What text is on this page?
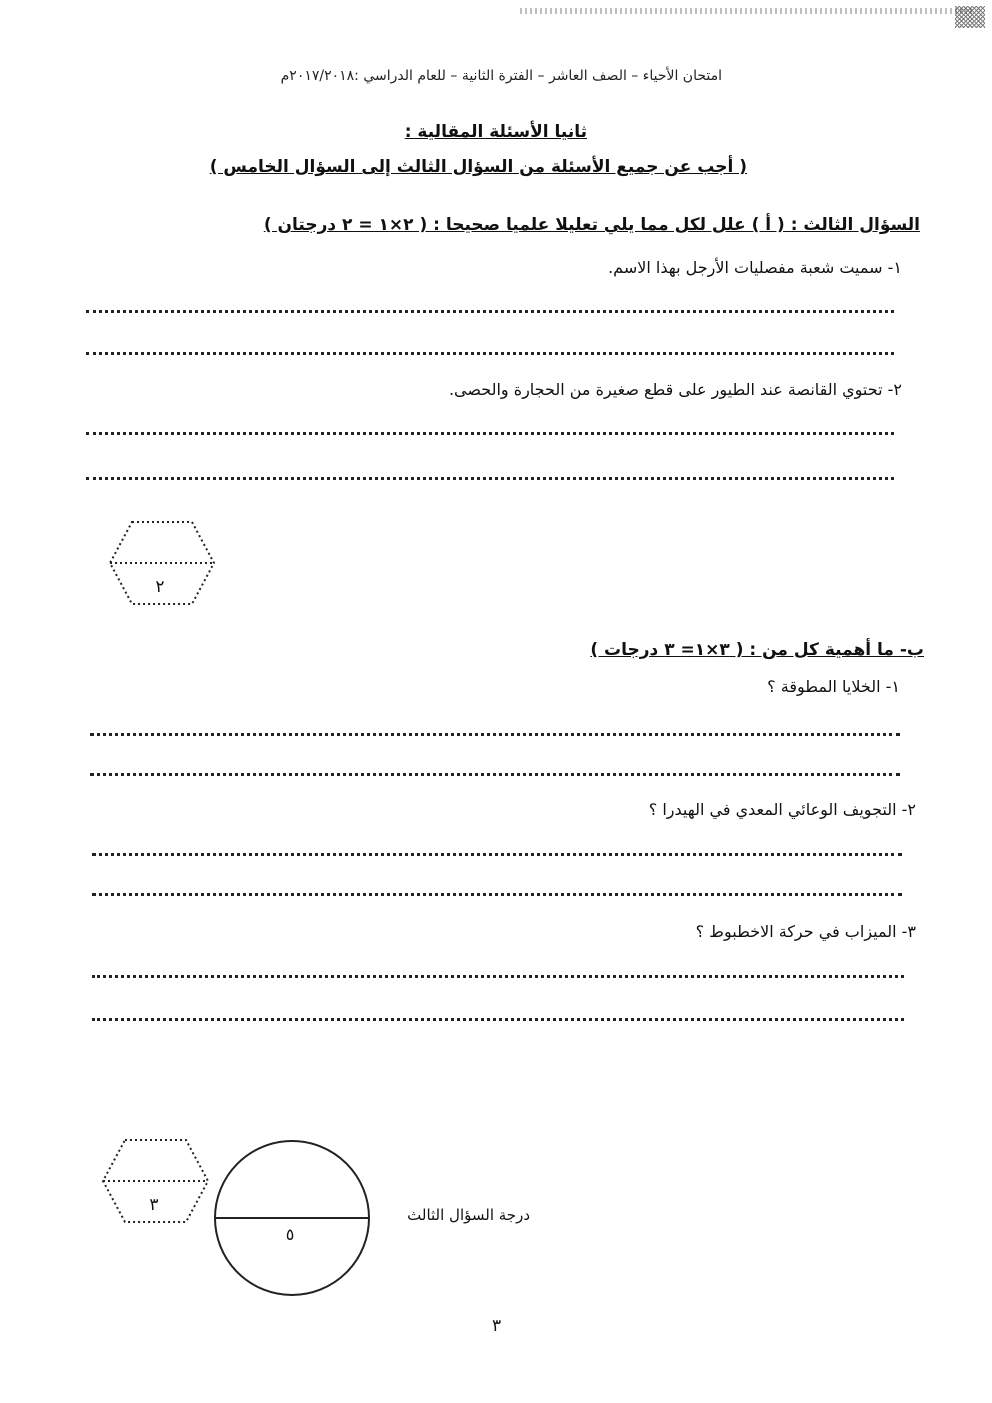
امتحان الأحياء – الصف العاشر – الفترة الثانية – للعام الدراسي :٢٠١٧/٢٠١٨م
ثانيا الأسئلة المقالية :
( أجب عن جميع الأسئلة من السؤال الثالث إلى السؤال الخامس )
السؤال الثالث : ( أ ) علل لكل مما يلي تعليلا علميا صحيحا : ( ٢×١ = ٢ درجتان )
١- سميت شعبة مفصليات الأرجل بهذا الاسم.
٢- تحتوي القانصة عند الطيور على قطع صغيرة من الحجارة والحصى.
٢
ب- ما أهمية كل من : ( ٣×١= ٣ درجات )
١- الخلايا المطوقة ؟
٢- التجويف الوعائي المعدي في الهيدرا ؟
٣- الميزاب في حركة الاخطبوط ؟
٣
٥
درجة السؤال الثالث
٣
